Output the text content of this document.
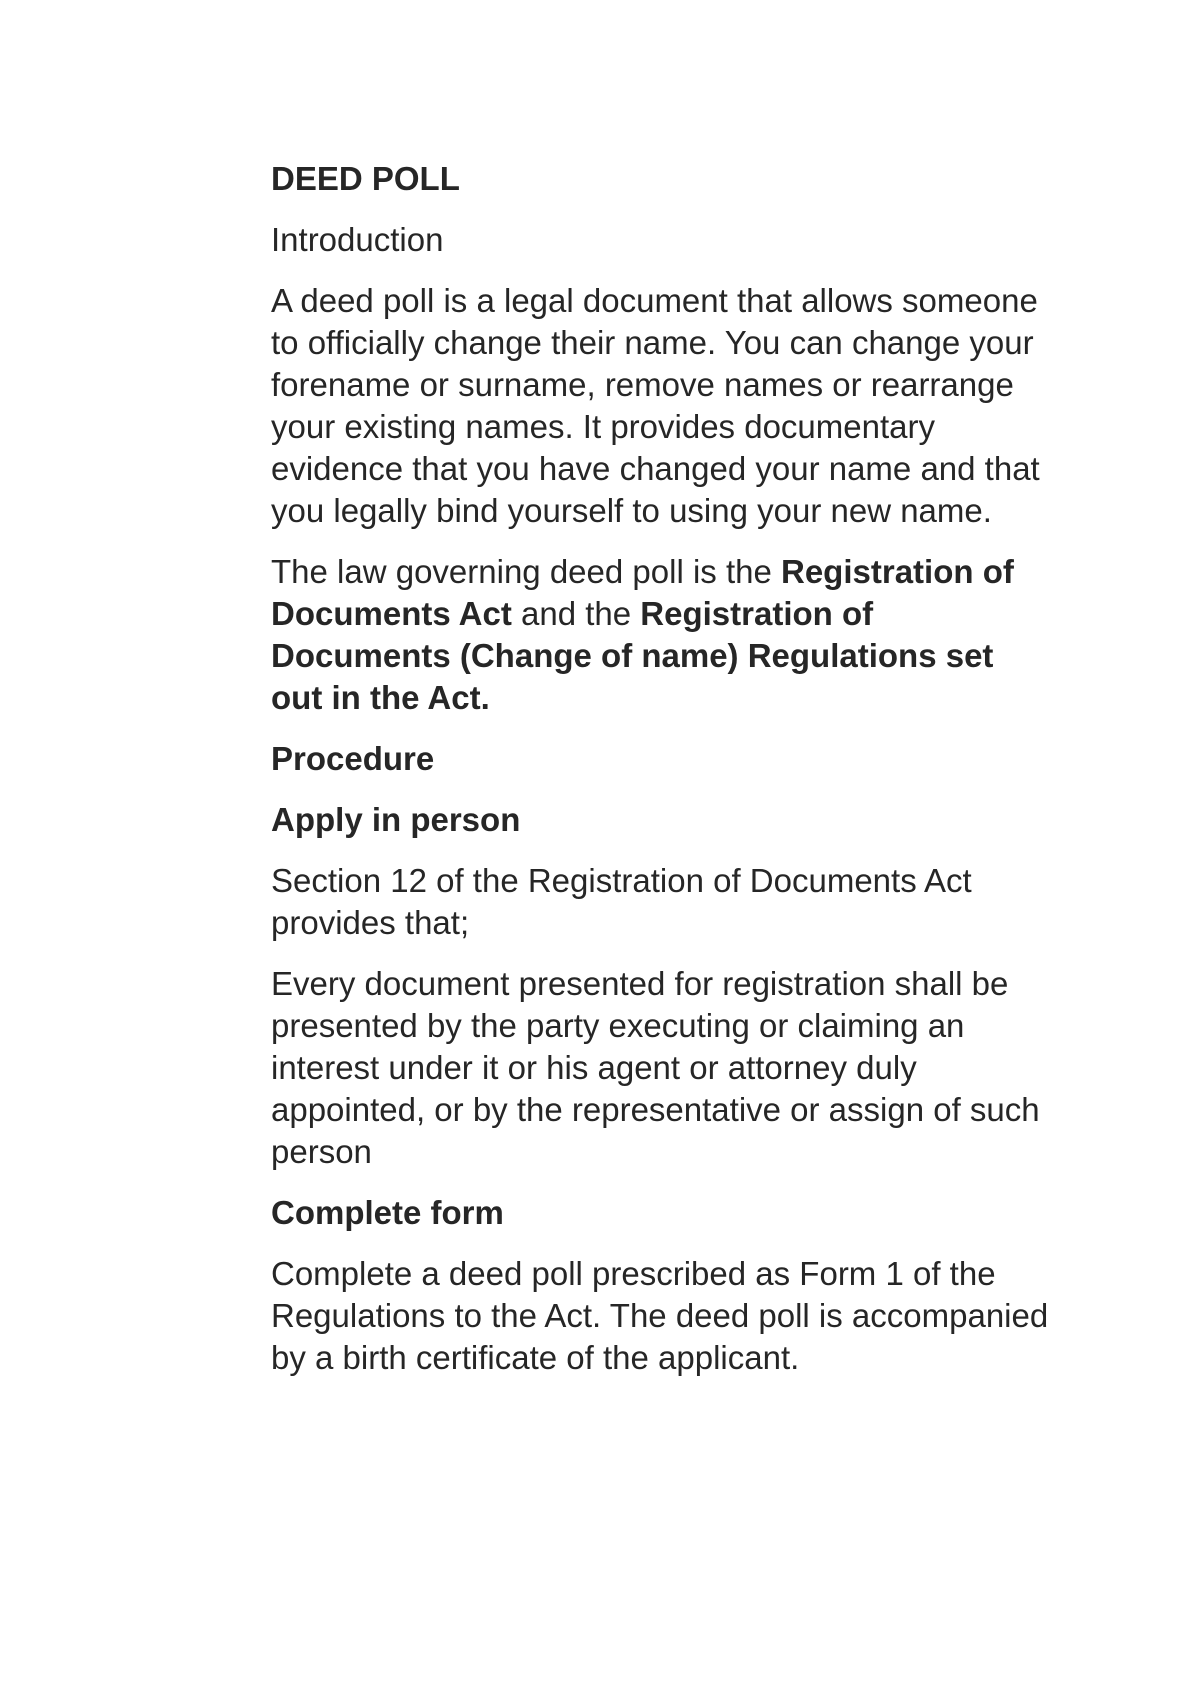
DEED POLL

Introduction

A deed poll is a legal document that allows someone to officially change their name. You can change your forename or surname, remove names or rearrange your existing names. It provides documentary evidence that you have changed your name and that you legally bind yourself to using your new name.

The law governing deed poll is the Registration of Documents Act and the Registration of Documents (Change of name) Regulations set out in the Act.

Procedure

Apply in person

Section 12 of the Registration of Documents Act provides that;

Every document presented for registration shall be presented by the party executing or claiming an interest under it or his agent or attorney duly appointed, or by the representative or assign of such person

Complete form

Complete a deed poll prescribed as Form 1 of the Regulations to the Act. The deed poll is accompanied by a birth certificate of the applicant.
